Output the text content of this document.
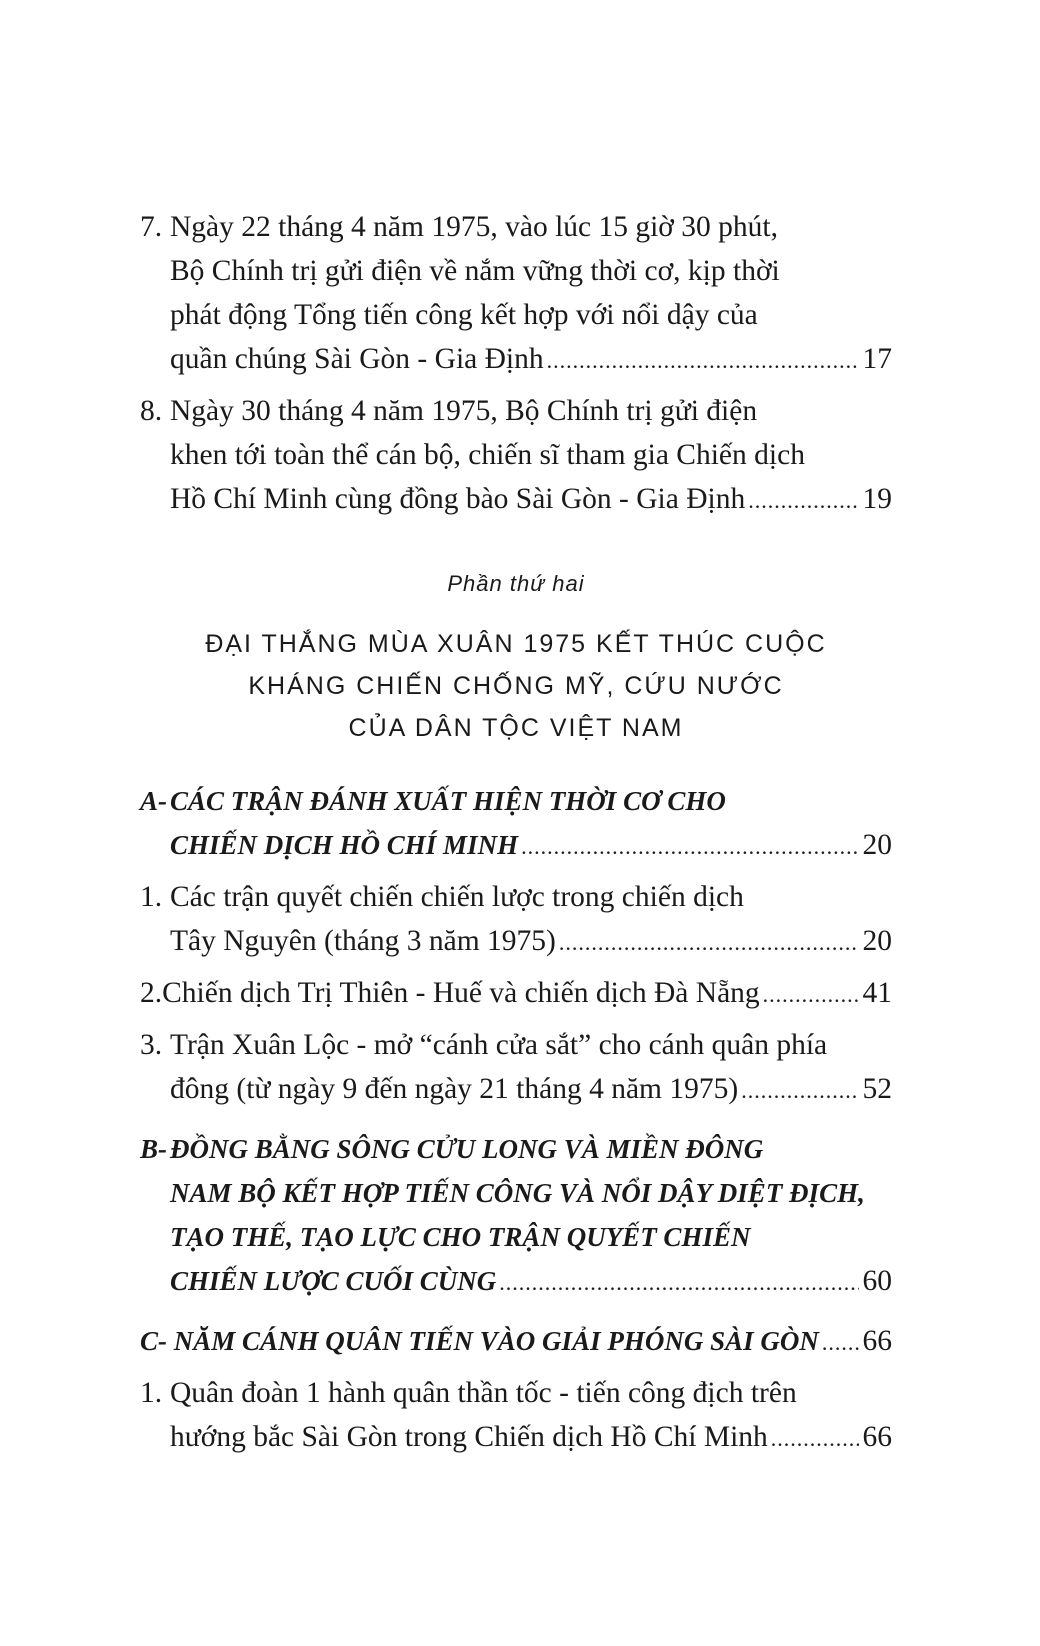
7. Ngày 22 tháng 4 năm 1975, vào lúc 15 giờ 30 phút,
Bộ Chính trị gửi điện về nắm vững thời cơ, kịp thời
phát động Tổng tiến công kết hợp với nổi dậy của
quần chúng Sài Gòn - Gia Định .....	17
8. Ngày 30 tháng 4 năm 1975, Bộ Chính trị gửi điện
khen tới toàn thể cán bộ, chiến sĩ tham gia Chiến dịch
Hồ Chí Minh cùng đồng bào Sài Gòn - Gia Định .....	19
Phần thứ hai
ĐẠI THẮNG MÙA XUÂN 1975 KẾT THÚC CUỘC
KHÁNG CHIẾN CHỐNG MỸ, CỨU NƯỚC
CỦA DÂN TỘC VIỆT NAM
A- CÁC TRẬN ĐÁNH XUẤT HIỆN THỜI CƠ CHO
CHIẾN DỊCH HỒ CHÍ MINH .....	20
1. Các trận quyết chiến chiến lược trong chiến dịch
Tây Nguyên (tháng 3 năm 1975) .....	20
2. Chiến dịch Trị Thiên - Huế và chiến dịch Đà Nẵng .....	41
3. Trận Xuân Lộc - mở “cánh cửa sắt” cho cánh quân phía
đông (từ ngày 9 đến ngày 21 tháng 4 năm 1975) .....	52
B- ĐỒNG BẰNG SÔNG CỬU LONG VÀ MIỀN ĐÔNG
NAM BỘ KẾT HỢP TIẾN CÔNG VÀ NỔI DẬY DIỆT ĐỊCH,
TẠO THẾ, TẠO LỰC CHO TRẬN QUYẾT CHIẾN
CHIẾN LƯỢC CUỐI CÙNG .....	60
C- NĂM CÁNH QUÂN TIẾN VÀO GIẢI PHÓNG SÀI GÒN ..... 66
1. Quân đoàn 1 hành quân thần tốc - tiến công địch trên
hướng bắc Sài Gòn trong Chiến dịch Hồ Chí Minh .....	66
